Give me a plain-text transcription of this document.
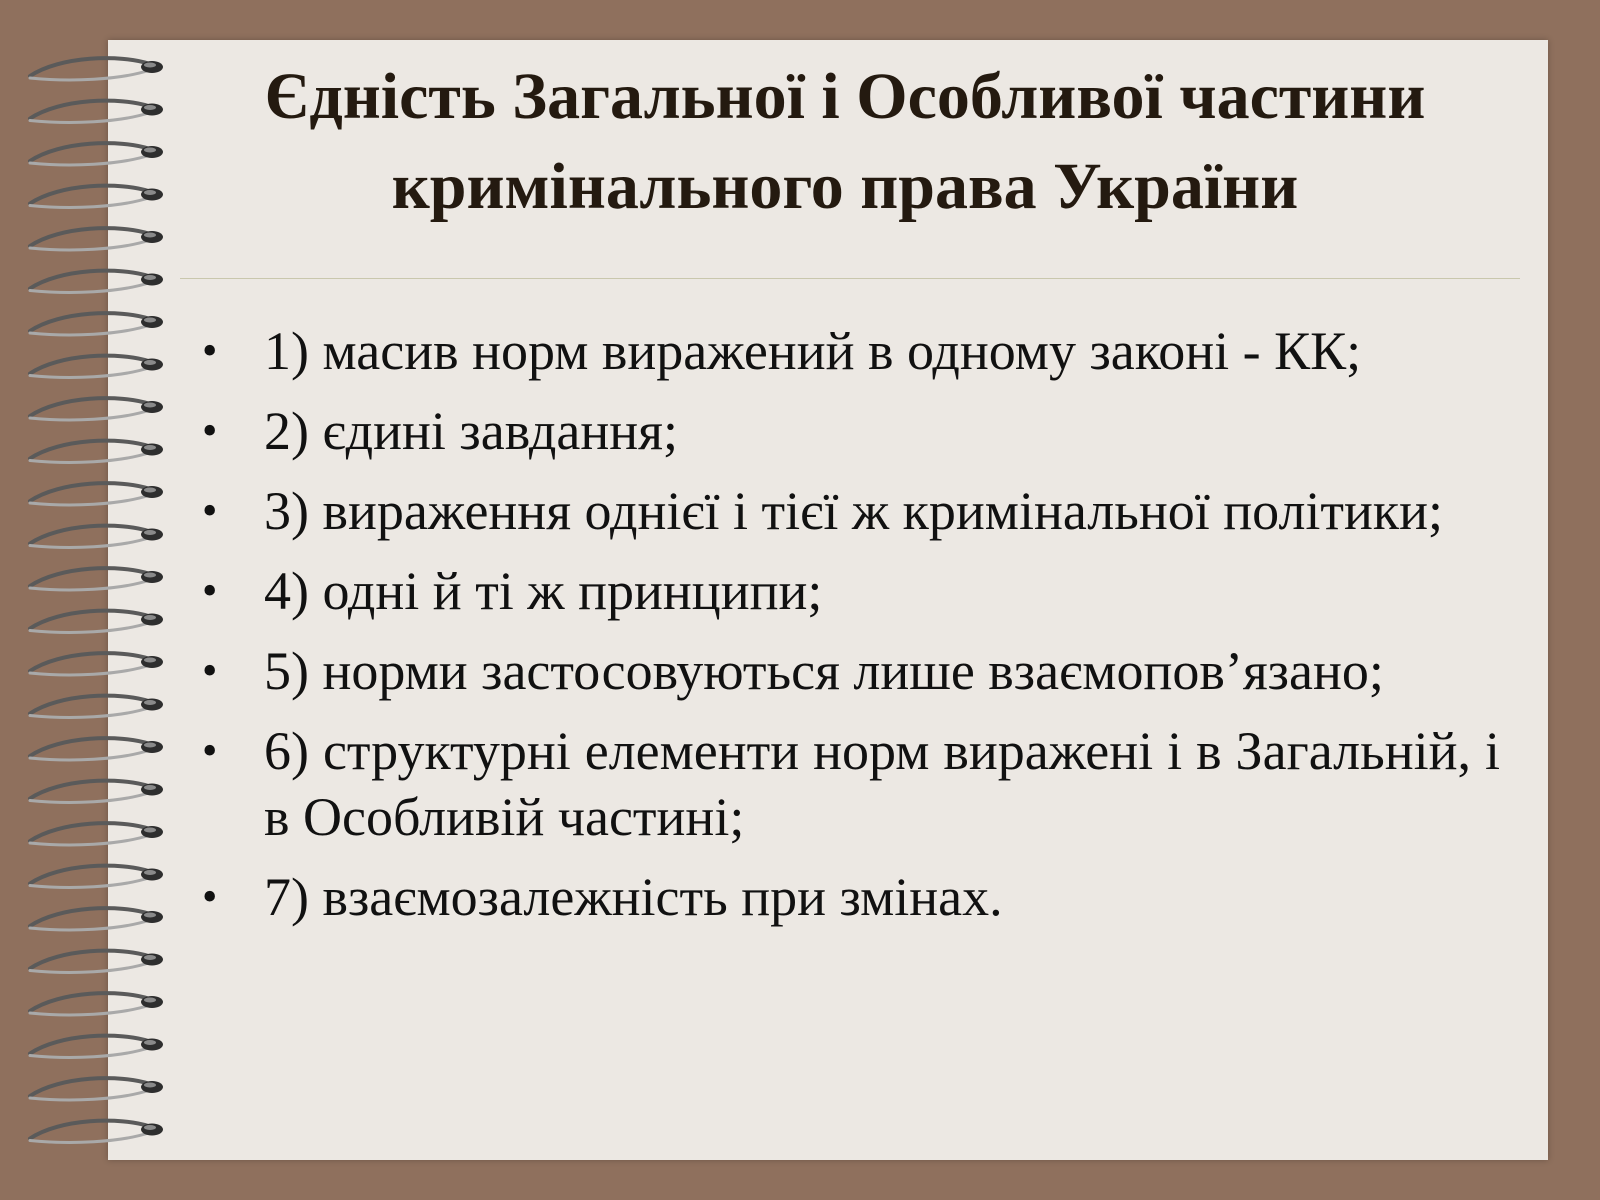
Єдність Загальної і Особливої частини
кримінального права України
• 1) масив норм виражений в одному законі - КК;
• 2) єдині завдання;
• 3) вираження однієї і тієї ж кримінальної політики;
• 4) одні й ті ж принципи;
• 5) норми застосовуються лише взаємопов’язано;
• 6) структурні елементи норм виражені і в Загальній, і в Особливій частині;
• 7) взаємозалежність при змінах.
